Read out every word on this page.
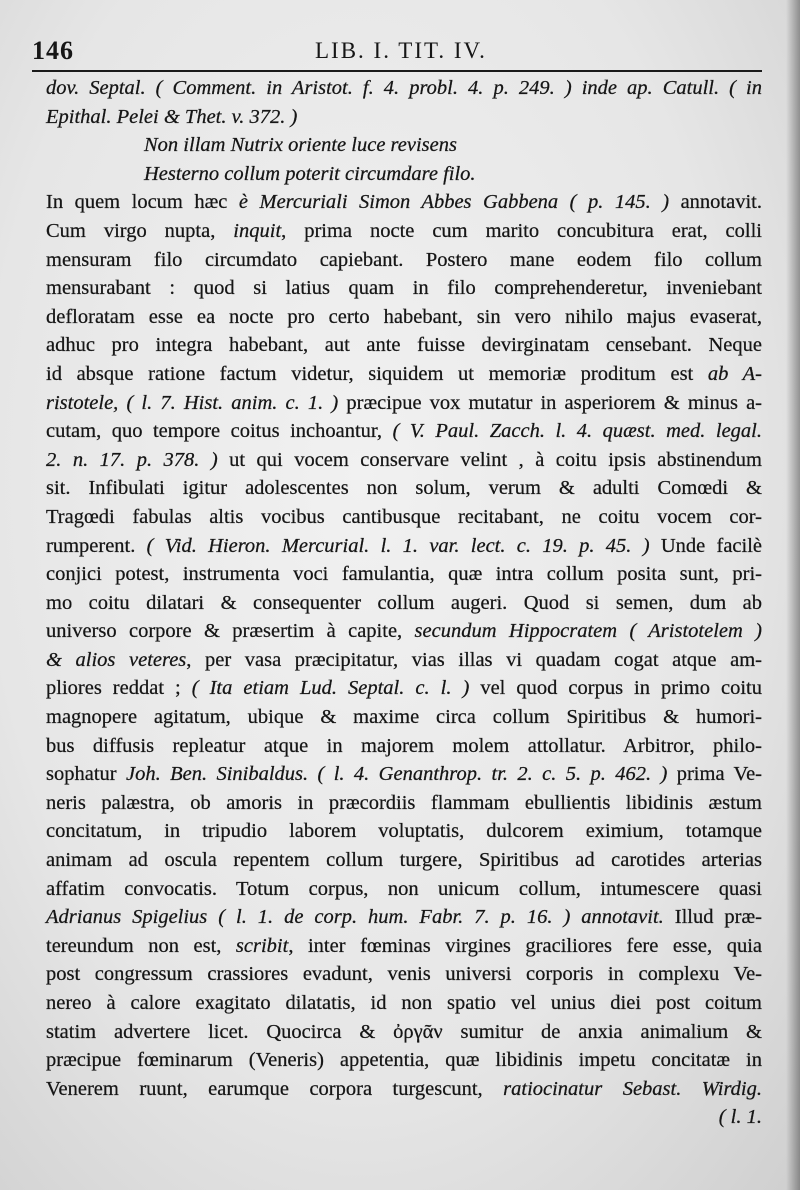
146	LIB. I. TIT. IV.
dov. Septal. ( Comment. in Aristot. f. 4. probl. 4. p. 249. ) inde ap. Catull. ( in
Epithal. Pelei & Thet. v. 372. )
Non illam Nutrix oriente luce revisens
Hesterno collum poterit circumdare filo.
In quem locum hæc è Mercuriali Simon Abbes Gabbena ( p. 145. ) annotavit.
Cum virgo nupta, inquit, prima nocte cum marito concubitura erat, colli
mensuram filo circumdato capiebant. Postero mane eodem filo collum
mensurabant : quod si latius quam in filo comprehenderetur, inveniebant
defloratam esse ea nocte pro certo habebant, sin vero nihilo majus evaserat,
adhuc pro integra habebant, aut ante fuisse devirginatam censebant. Neque
id absque ratione factum videtur, siquidem ut memoriæ proditum est ab A-
ristotele, ( l. 7. Hist. anim. c. 1. ) præcipue vox mutatur in asperiorem & minus a-
cutam, quo tempore coitus inchoantur, ( V. Paul. Zacch. l. 4. quæst. med. legal.
2. n. 17. p. 378. ) ut qui vocem conservare velint , à coitu ipsis abstinendum
sit. Infibulati igitur adolescentes non solum, verum & adulti Comœdi &
Tragœdi fabulas altis vocibus cantibusque recitabant, ne coitu vocem cor-
rumperent. ( Vid. Hieron. Mercurial. l. 1. var. lect. c. 19. p. 45. ) Unde facilè
conjici potest, instrumenta voci famulantia, quæ intra collum posita sunt, pri-
mo coitu dilatari & consequenter collum augeri. Quod si semen, dum ab
universo corpore & præsertim à capite, secundum Hippocratem ( Aristotelem )
& alios veteres, per vasa præcipitatur, vias illas vi quadam cogat atque am-
pliores reddat ; ( Ita etiam Lud. Septal. c. l. ) vel quod corpus in primo coitu
magnopere agitatum, ubique & maxime circa collum Spiritibus & humori-
bus diffusis repleatur atque in majorem molem attollatur. Arbitror, philo-
sophatur Joh. Ben. Sinibaldus. ( l. 4. Genanthrop. tr. 2. c. 5. p. 462. ) prima Ve-
neris palæstra, ob amoris in præcordiis flammam ebullientis libidinis æstum
concitatum, in tripudio laborem voluptatis, dulcorem eximium, totamque
animam ad oscula repentem collum turgere, Spiritibus ad carotides arterias
affatim convocatis. Totum corpus, non unicum collum, intumescere quasi
Adrianus Spigelius ( l. 1. de corp. hum. Fabr. 7. p. 16. ) annotavit. Illud præ-
tereundum non est, scribit, inter fœminas virgines graciliores fere esse, quia
post congressum crassiores evadunt, venis universi corporis in complexu Ve-
nereo à calore exagitato dilatatis, id non spatio vel unius diei post coitum
statim advertere licet. Quocirca & ὀργᾶν sumitur de anxia animalium &
præcipue fœminarum (Veneris) appetentia, quæ libidinis impetu concitatæ in
Venerem ruunt, earumque corpora turgescunt, ratiocinatur Sebast. Wirdig.
( l. 1.
